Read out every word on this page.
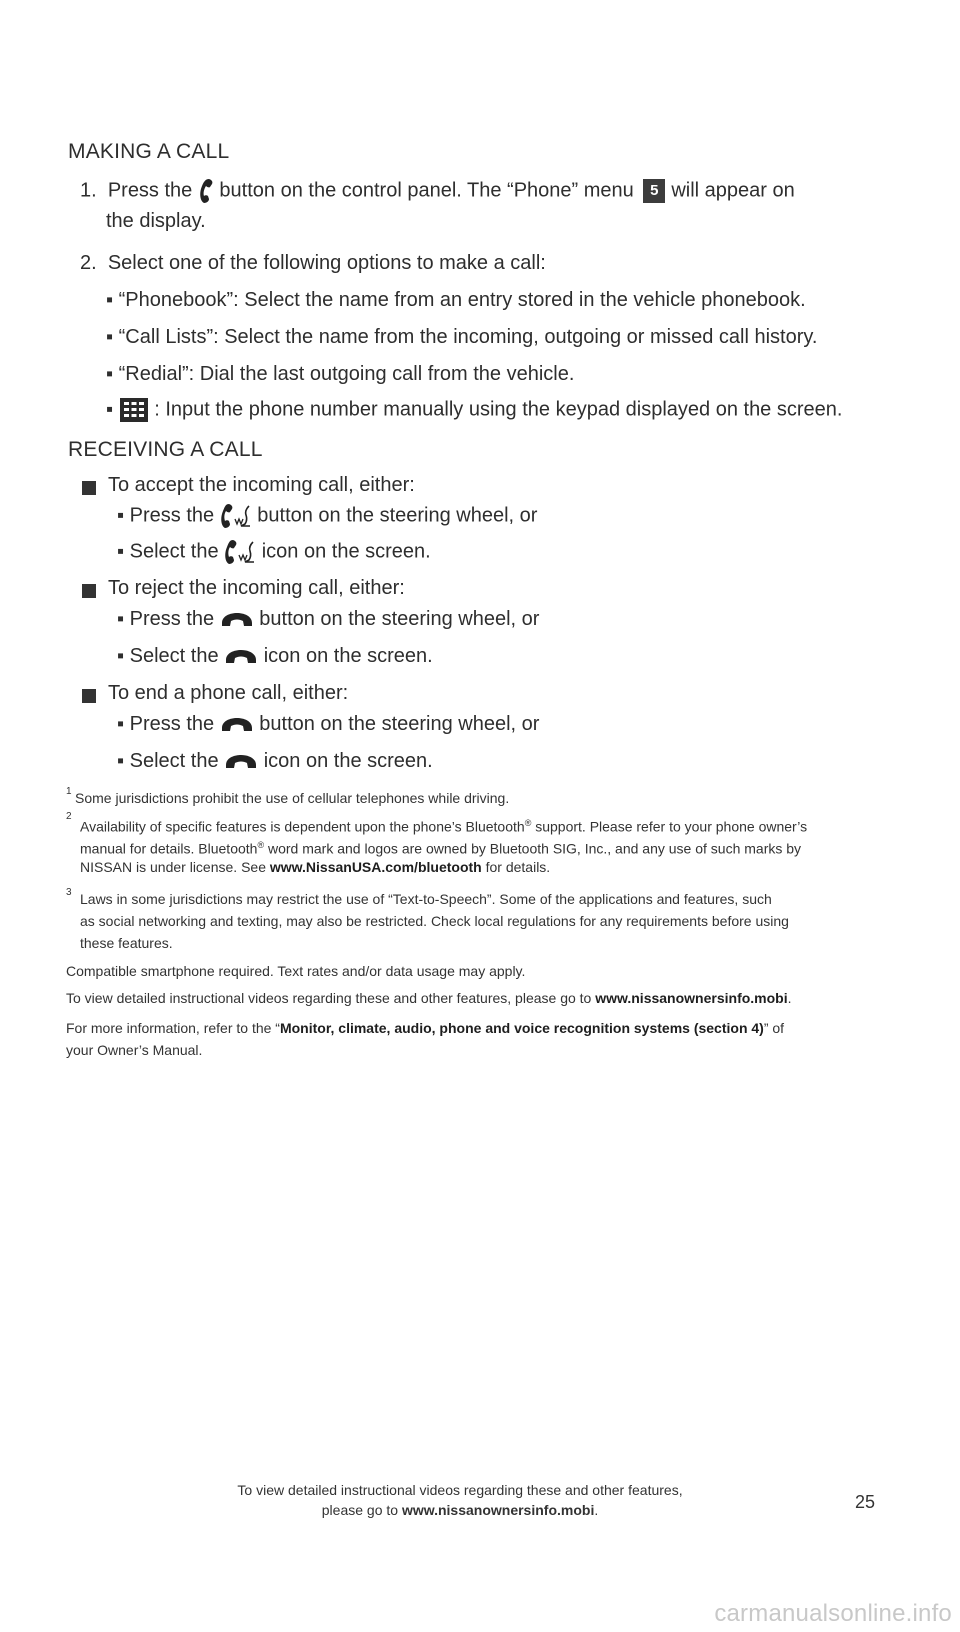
MAKING A CALL
1. Press the button on the control panel. The “Phone” menu 5 will appear on
the display.
2. Select one of the following options to make a call:
▪ “Phonebook”: Select the name from an entry stored in the vehicle phonebook.
▪ “Call Lists”: Select the name from the incoming, outgoing or missed call history.
▪ “Redial”: Dial the last outgoing call from the vehicle.
▪ : Input the phone number manually using the keypad displayed on the screen.
RECEIVING A CALL
To accept the incoming call, either:
▪ Press the button on the steering wheel, or
▪ Select the icon on the screen.
To reject the incoming call, either:
▪ Press the button on the steering wheel, or
▪ Select the icon on the screen.
To end a phone call, either:
▪ Press the button on the steering wheel, or
▪ Select the icon on the screen.
1 Some jurisdictions prohibit the use of cellular telephones while driving.
2
Availability of specific features is dependent upon the phone’s Bluetooth® support. Please refer to your phone owner’s
manual for details. Bluetooth® word mark and logos are owned by Bluetooth SIG, Inc., and any use of such marks by
NISSAN is under license. See www.NissanUSA.com/bluetooth for details.
3 Laws in some jurisdictions may restrict the use of “Text-to-Speech”. Some of the applications and features, such
as social networking and texting, may also be restricted. Check local regulations for any requirements before using
these features.
Compatible smartphone required. Text rates and/or data usage may apply.
To view detailed instructional videos regarding these and other features, please go to www.nissanownersinfo.mobi.
For more information, refer to the “Monitor, climate, audio, phone and voice recognition systems (section 4)” of
your Owner’s Manual.
To view detailed instructional videos regarding these and other features,
please go to www.nissanownersinfo.mobi.	25
carmanualsonline.info
